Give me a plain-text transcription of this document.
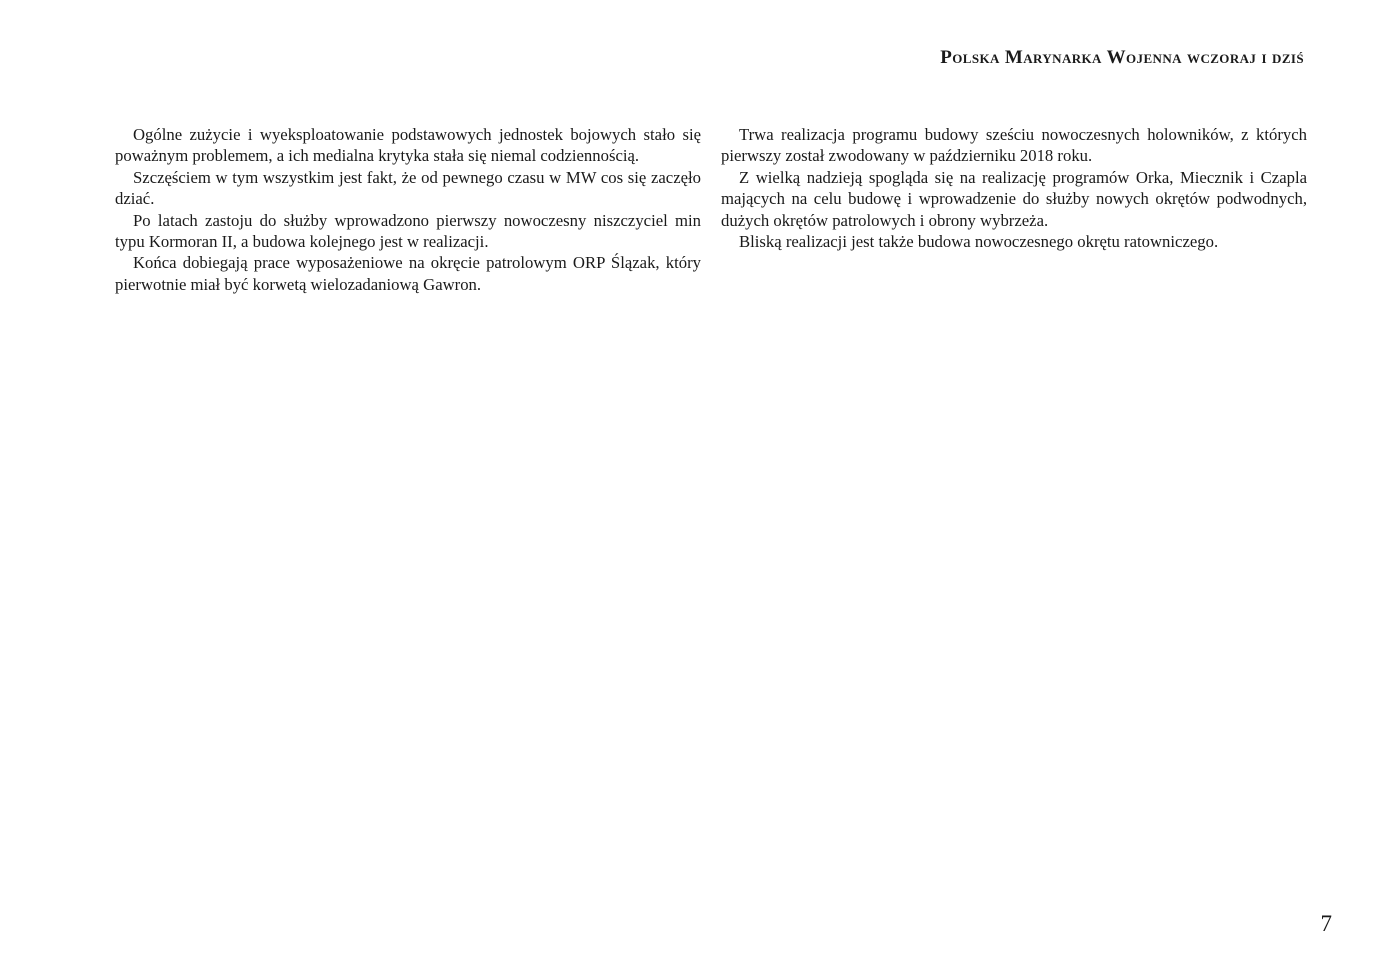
Polska Marynarka Wojenna wczoraj i dziś

Ogólne zużycie i wyeksploatowanie podstawowych jednostek bojowych stało się poważnym problemem, a ich medialna krytyka stała się niemal codziennością.

Szczęściem w tym wszystkim jest fakt, że od pewnego czasu w MW cos się zaczęło dziać.

Po latach zastoju do służby wprowadzono pierwszy nowoczesny niszczyciel min typu Kormoran II, a budowa kolejnego jest w realizacji.

Końca dobiegają prace wyposażeniowe na okręcie patrolowym ORP Ślązak, który pierwotnie miał być korwetą wielozadaniową Gawron.

Trwa realizacja programu budowy sześciu nowoczesnych holowników, z których pierwszy został zwodowany w październiku 2018 roku.

Z wielką nadzieją spogląda się na realizację programów Orka, Miecznik i Czapla mających na celu budowę i wprowadzenie do służby nowych okrętów podwodnych, dużych okrętów patrolowych i obrony wybrzeża.

Bliską realizacji jest także budowa nowoczesnego okrętu ratowniczego.

7
